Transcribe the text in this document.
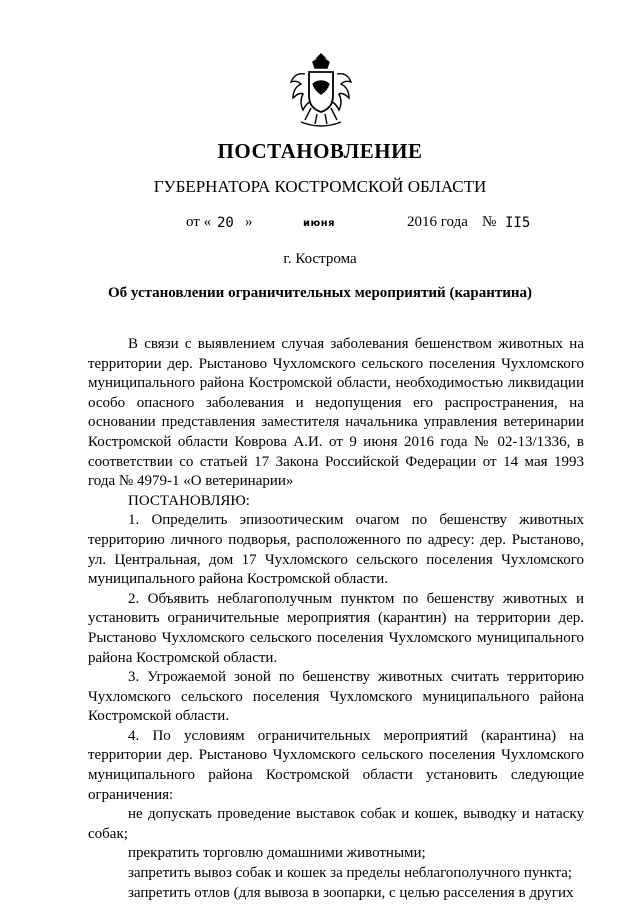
ПОСТАНОВЛЕНИЕ
ГУБЕРНАТОРА КОСТРОМСКОЙ ОБЛАСТИ
от « 20 »	июня	2016 года № II5
г. Кострома
Об установлении ограничительных мероприятий (карантина)

В связи с выявлением случая заболевания бешенством животных на территории дер. Рыстаново Чухломского сельского поселения Чухломского муниципального района Костромской области, необходимостью ликвидации особо опасного заболевания и недопущения его распространения, на основании представления заместителя начальника управления ветеринарии Костромской области Коврова А.И. от 9 июня 2016 года № 02-13/1336, в соответствии со статьей 17 Закона Российской Федерации от 14 мая 1993 года № 4979-1 «О ветеринарии»

ПОСТАНОВЛЯЮ:

1. Определить эпизоотическим очагом по бешенству животных территорию личного подворья, расположенного по адресу: дер. Рыстаново, ул. Центральная, дом 17 Чухломского сельского поселения Чухломского муниципального района Костромской области.

2. Объявить неблагополучным пунктом по бешенству животных и установить ограничительные мероприятия (карантин) на территории дер. Рыстаново Чухломского сельского поселения Чухломского муниципального района Костромской области.

3. Угрожаемой зоной по бешенству животных считать территорию Чухломского сельского поселения Чухломского муниципального района Костромской области.

4. По условиям ограничительных мероприятий (карантина) на территории дер. Рыстаново Чухломского сельского поселения Чухломского муниципального района Костромской области установить следующие ограничения:

не допускать проведение выставок собак и кошек, выводку и натаску собак;

прекратить торговлю домашними животными;

запретить вывоз собак и кошек за пределы неблагополучного пункта;

запретить отлов (для вывоза в зоопарки, с целью расселения в других
